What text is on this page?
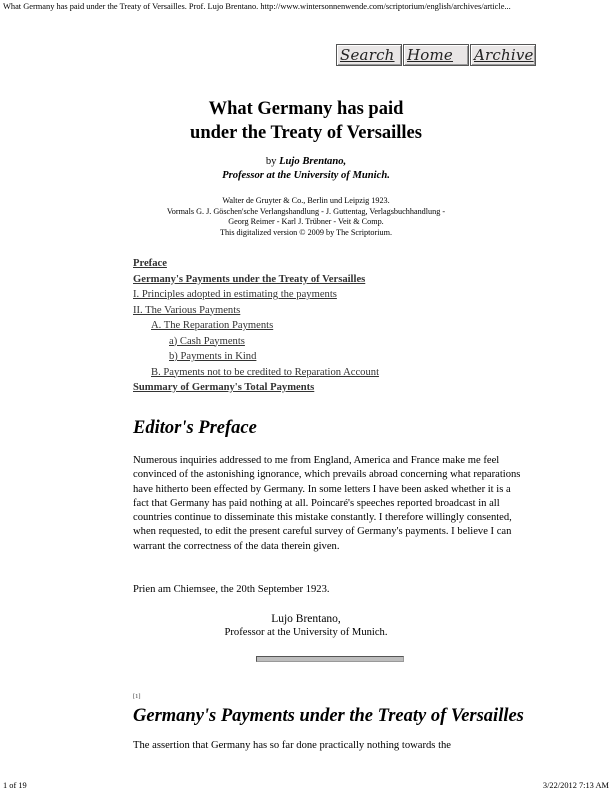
What Germany has paid under the Treaty of Versailles. Prof. Lujo Brentano. http://www.wintersonnenwende.com/scriptorium/english/archives/article...
Search Home	Archive
What Germany has paid
under the Treaty of Versailles
by Lujo Brentano,
Professor at the University of Munich.
Walter de Gruyter & Co., Berlin und Leipzig 1923.
Vormals G. J. Göschen'sche Verlangshandlung - J. Guttentag, Verlagsbuchhandlung -
Georg Reimer - Karl J. Trübner - Veit & Comp.
This digitalized version © 2009 by The Scriptorium.
Preface
Germany's Payments under the Treaty of Versailles
I. Principles adopted in estimating the payments
II. The Various Payments
A. The Reparation Payments
a) Cash Payments
b) Payments in Kind
B. Payments not to be credited to Reparation Account
Summary of Germany's Total Payments
Editor's Preface
Numerous inquiries addressed to me from England, America and France make me feel convinced of the astonishing ignorance, which prevails abroad concerning what reparations have hitherto been effected by Germany. In some letters I have been asked whether it is a fact that Germany has paid nothing at all. Poincaré's speeches reported broadcast in all countries continue to disseminate this mistake constantly. I therefore willingly consented, when requested, to edit the present careful survey of Germany's payments. I believe I can warrant the correctness of the data therein given.
Prien am Chiemsee, the 20th September 1923.
Lujo Brentano,
Professor at the University of Munich.
[1]
Germany's Payments under the Treaty of Versailles
The assertion that Germany has so far done practically nothing towards the
1 of 19	3/22/2012 7:13 AM
